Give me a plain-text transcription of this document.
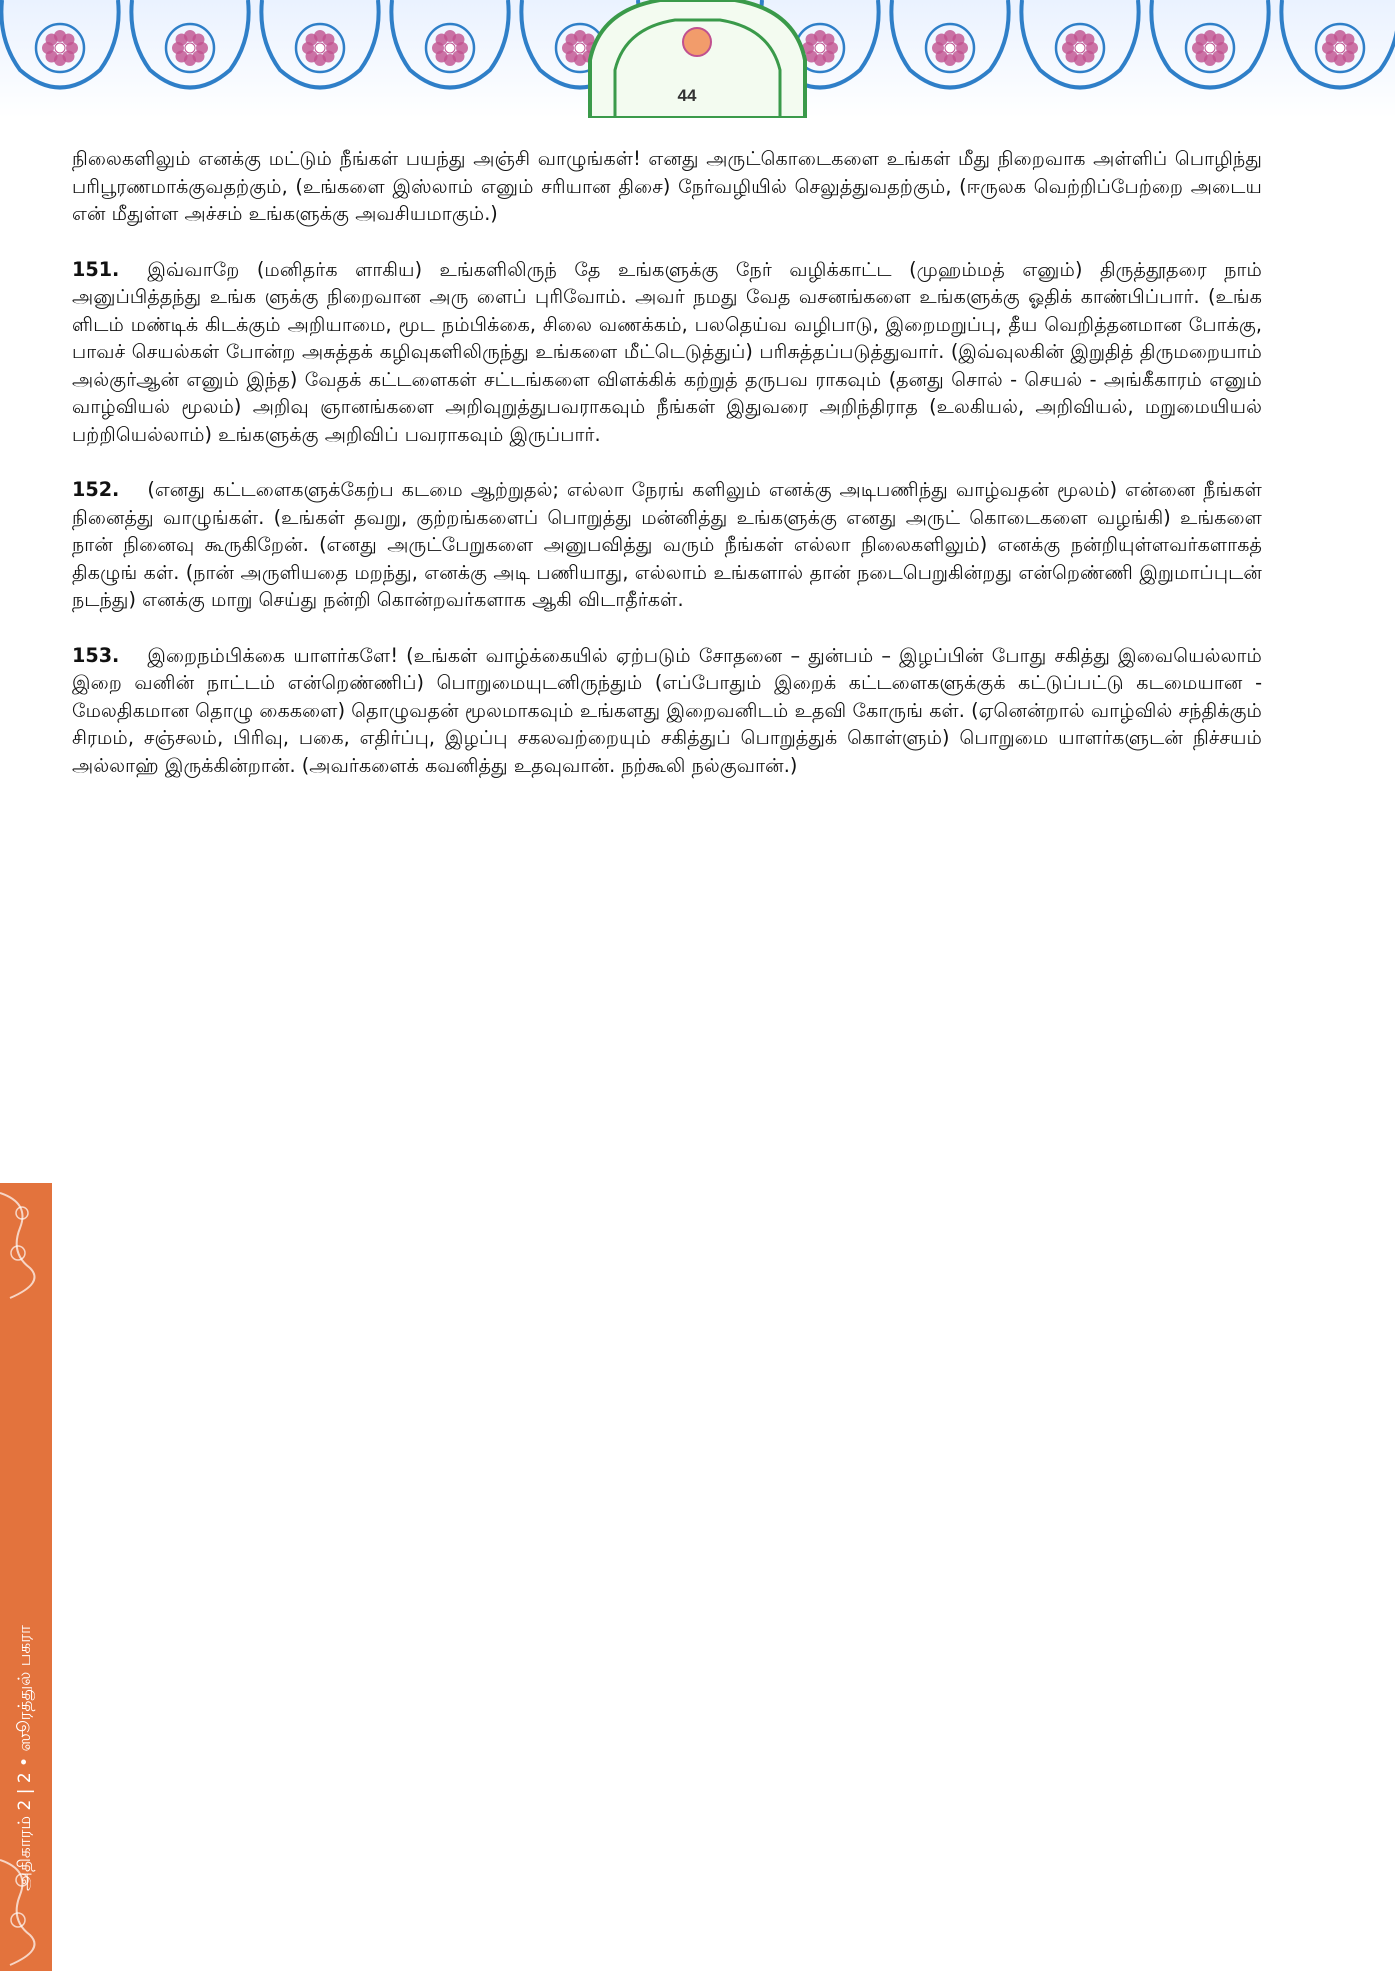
44

நிலைகளிலும் எனக்கு மட்டும் நீங்கள் பயந்து அஞ்சி வாழுங்கள்! எனது அருட்கொடைகளை உங்கள் மீது நிறைவாக அள்ளிப் பொழிந்து பரிபூரணமாக்குவதற்கும், (உங்களை இஸ்லாம் எனும் சரியான திசை) நேர்வழியில் செலுத்துவதற்கும், (ஈருலக வெற்றிப்பேற்றை அடைய என் மீதுள்ள அச்சம் உங்களுக்கு அவசியமாகும்.)

151. இவ்வாறே (மனிதர்க ளாகிய) உங்களிலிருந் தே உங்களுக்கு நேர் வழிக்காட்ட (முஹம்மத் எனும்) திருத்தூதரை நாம் அனுப்பித்தந்து உங்க ளுக்கு நிறைவான அரு ளைப் புரிவோம். அவர் நமது வேத வசனங்களை உங்களுக்கு ஓதிக் காண்பிப்பார். (உங்க ளிடம் மண்டிக் கிடக்கும் அறியாமை, மூட நம்பிக்கை, சிலை வணக்கம், பலதெய்வ வழிபாடு, இறைமறுப்பு, தீய வெறித்தனமான போக்கு, பாவச் செயல்கள் போன்ற அசுத்தக் கழிவுகளிலிருந்து உங்களை மீட்டெடுத்துப்) பரிசுத்தப்படுத்துவார். (இவ்வுலகின் இறுதித் திருமறையாம் அல்குர்ஆன் எனும் இந்த) வேதக் கட்டளைகள் சட்டங்களை விளக்கிக் கற்றுத் தருபவ ராகவும் (தனது சொல் - செயல் - அங்கீகாரம் எனும் வாழ்வியல் மூலம்) அறிவு ஞானங்களை அறிவுறுத்துபவராகவும் நீங்கள் இதுவரை அறிந்திராத (உலகியல், அறிவியல், மறுமையியல் பற்றியெல்லாம்) உங்களுக்கு அறிவிப் பவராகவும் இருப்பார்.

152. (எனது கட்டளைகளுக்கேற்ப கடமை ஆற்றுதல்; எல்லா நேரங் களிலும் எனக்கு அடிபணிந்து வாழ்வதன் மூலம்) என்னை நீங்கள் நினைத்து வாழுங்கள். (உங்கள் தவறு, குற்றங்களைப் பொறுத்து மன்னித்து உங்களுக்கு எனது அருட் கொடைகளை வழங்கி) உங்களை நான் நினைவு கூருகிறேன். (எனது அருட்பேறுகளை அனுபவித்து வரும் நீங்கள் எல்லா நிலைகளிலும்) எனக்கு நன்றியுள்ளவர்களாகத் திகழுங் கள். (நான் அருளியதை மறந்து, எனக்கு அடி பணியாது, எல்லாம் உங்களால் தான் நடைபெறுகின்றது என்றெண்ணி இறுமாப்புடன் நடந்து) எனக்கு மாறு செய்து நன்றி கொன்றவர்களாக ஆகி விடாதீர்கள்.

153. இறைநம்பிக்கை யாளர்களே! (உங்கள் வாழ்க்கையில் ஏற்படும் சோதனை – துன்பம் – இழப்பின் போது சகித்து இவையெல்லாம் இறை வனின் நாட்டம் என்றெண்ணிப்) பொறுமையுடனிருந்தும் (எப்போதும் இறைக் கட்டளைகளுக்குக் கட்டுப்பட்டு கடமையான - மேலதிகமான தொழு கைகளை) தொழுவதன் மூலமாகவும் உங்களது இறைவனிடம் உதவி கோருங் கள். (ஏனென்றால் வாழ்வில் சந்திக்கும் சிரமம், சஞ்சலம், பிரிவு, பகை, எதிர்ப்பு, இழப்பு சகலவற்றையும் சகித்துப் பொறுத்துக் கொள்ளும்) பொறுமை யாளர்களுடன் நிச்சயம் அல்லாஹ் இருக்கின்றான். (அவர்களைக் கவனித்து உதவுவான். நற்கூலி நல்குவான்.)

அதிகாரம் 2 | 2 • ஸூரத்துல் பகரா
